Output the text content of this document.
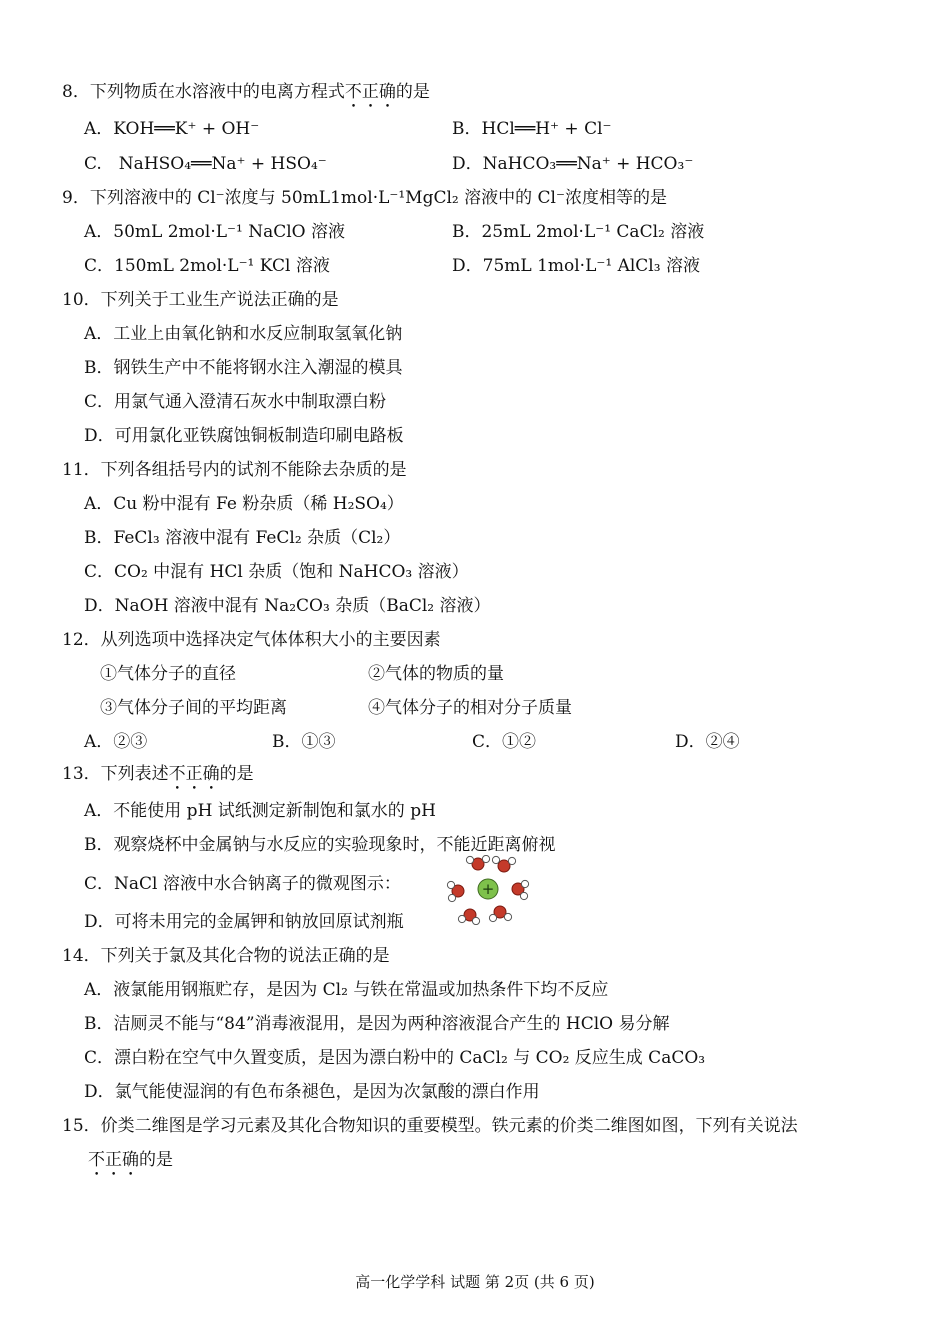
8．下列物质在水溶液中的电离方程式不正确的是
A．KOH══K⁺ + OH⁻	B．HCl══H⁺ + Cl⁻
C.　NaHSO₄══Na⁺ + HSO₄⁻	D．NaHCO₃══Na⁺ + HCO₃⁻
9．下列溶液中的 Cl⁻浓度与 50mL1mol·L⁻¹MgCl₂ 溶液中的 Cl⁻浓度相等的是
A．50mL 2mol·L⁻¹ NaClO 溶液	B．25mL 2mol·L⁻¹ CaCl₂ 溶液
C．150mL 2mol·L⁻¹ KCl 溶液	D．75mL 1mol·L⁻¹ AlCl₃ 溶液
10．下列关于工业生产说法正确的是
A．工业上由氧化钠和水反应制取氢氧化钠
B．钢铁生产中不能将钢水注入潮湿的模具
C．用氯气通入澄清石灰水中制取漂白粉
D．可用氯化亚铁腐蚀铜板制造印刷电路板
11．下列各组括号内的试剂不能除去杂质的是
A．Cu 粉中混有 Fe 粉杂质（稀 H₂SO₄）
B．FeCl₃ 溶液中混有 FeCl₂ 杂质（Cl₂）
C．CO₂ 中混有 HCl 杂质（饱和 NaHCO₃ 溶液）
D．NaOH 溶液中混有 Na₂CO₃ 杂质（BaCl₂ 溶液）
12．从列选项中选择决定气体体积大小的主要因素
①气体分子的直径	②气体的物质的量
③气体分子间的平均距离	④气体分子的相对分子质量
A．②③	B．①③	C．①②	D．②④
13．下列表述不正确的是
A．不能使用 pH 试纸测定新制饱和氯水的 pH
B．观察烧杯中金属钠与水反应的实验现象时，不能近距离俯视
C．NaCl 溶液中水合钠离子的微观图示：
D．可将未用完的金属钾和钠放回原试剂瓶
+
14．下列关于氯及其化合物的说法正确的是
A．液氯能用钢瓶贮存，是因为 Cl₂ 与铁在常温或加热条件下均不反应
B．洁厕灵不能与“84”消毒液混用，是因为两种溶液混合产生的 HClO 易分解
C．漂白粉在空气中久置变质，是因为漂白粉中的 CaCl₂ 与 CO₂ 反应生成 CaCO₃
D．氯气能使湿润的有色布条褪色，是因为次氯酸的漂白作用
15．价类二维图是学习元素及其化合物知识的重要模型。铁元素的价类二维图如图，下列有关说法
不正确的是
高一化学学科 试题 第 2页 (共 6 页)
